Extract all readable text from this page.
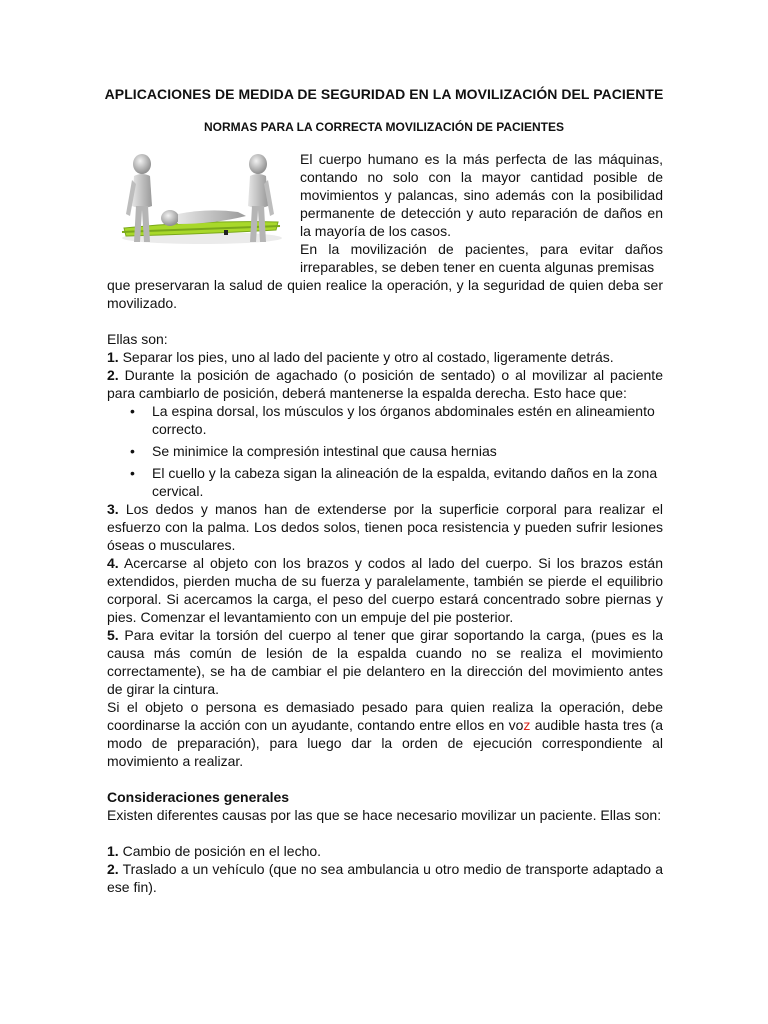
APLICACIONES DE MEDIDA DE SEGURIDAD EN LA MOVILIZACIÓN DEL PACIENTE
NORMAS PARA LA CORRECTA MOVILIZACIÓN DE PACIENTES

El cuerpo humano es la más perfecta de las máquinas, contando no solo con la mayor cantidad posible de movimientos y palancas, sino además con la posibilidad permanente de detección y auto reparación de daños en la mayoría de los casos.

En la movilización de pacientes, para evitar daños irreparables, se deben tener en cuenta algunas premisas

que preservaran la salud de quien realice la operación, y la seguridad de quien deba ser movilizado.

Ellas son:

1. Separar los pies, uno al lado del paciente y otro al costado, ligeramente detrás.

2. Durante la posición de agachado (o posición de sentado) o al movilizar al paciente para cambiarlo de posición, deberá mantenerse la espalda derecha. Esto hace que:

• La espina dorsal, los músculos y los órganos abdominales estén en alineamiento correcto.
• Se minimice la compresión intestinal que causa hernias
• El cuello y la cabeza sigan la alineación de la espalda, evitando daños en la zona cervical.

3. Los dedos y manos han de extenderse por la superficie corporal para realizar el esfuerzo con la palma. Los dedos solos, tienen poca resistencia y pueden sufrir lesiones óseas o musculares.

4. Acercarse al objeto con los brazos y codos al lado del cuerpo. Si los brazos están extendidos, pierden mucha de su fuerza y paralelamente, también se pierde el equilibrio corporal. Si acercamos la carga, el peso del cuerpo estará concentrado sobre piernas y pies. Comenzar el levantamiento con un empuje del pie posterior.

5. Para evitar la torsión del cuerpo al tener que girar soportando la carga, (pues es la causa más común de lesión de la espalda cuando no se realiza el movimiento correctamente), se ha de cambiar el pie delantero en la dirección del movimiento antes de girar la cintura.

Si el objeto o persona es demasiado pesado para quien realiza la operación, debe coordinarse la acción con un ayudante, contando entre ellos en voz audible hasta tres (a modo de preparación), para luego dar la orden de ejecución correspondiente al movimiento a realizar.

Consideraciones generales

Existen diferentes causas por las que se hace necesario movilizar un paciente. Ellas son:

1. Cambio de posición en el lecho.

2. Traslado a un vehículo (que no sea ambulancia u otro medio de transporte adaptado a ese fin).
